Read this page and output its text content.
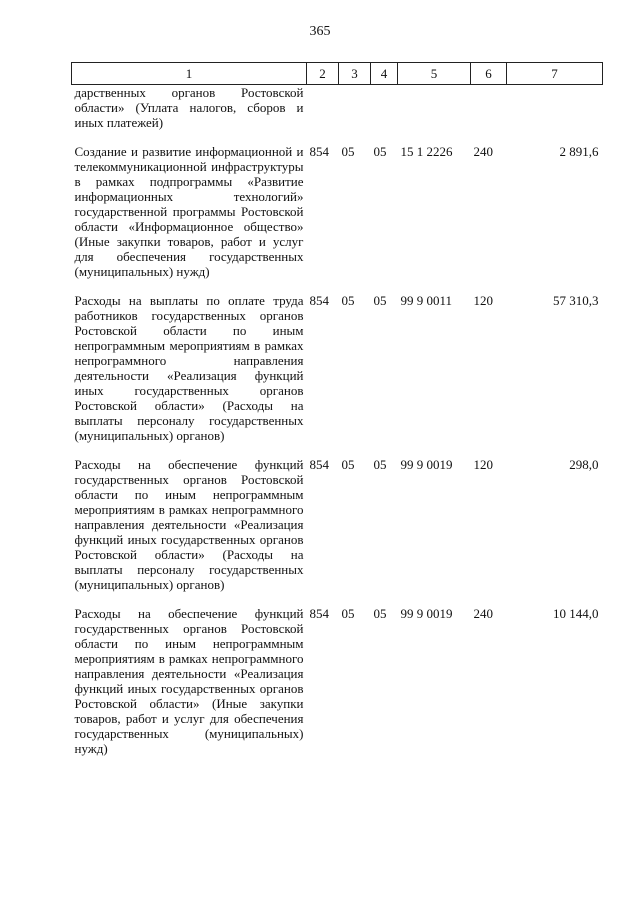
365
1	2	3	4	5	6	7
дарственных органов Ростовской области» (Уплата налогов, сборов и иных платежей)						
Создание и развитие информационной и телекоммуникационной инфраструктуры в рамках подпрограммы «Развитие информационных технологий» государственной программы Ростовской области «Информационное общество» (Иные закупки товаров, работ и услуг для обеспечения государственных (муниципальных) нужд)	854	05	05	15 1 2226	240	2 891,6
Расходы на выплаты по оплате труда работников государственных органов Ростовской области по иным непрограммным мероприятиям в рамках непрограммного направления деятельности «Реализация функций иных государственных органов Ростовской области» (Расходы на выплаты персоналу государственных (муниципальных) органов)	854	05	05	99 9 0011	120	57 310,3
Расходы на обеспечение функций государственных органов Ростовской области по иным непрограммным мероприятиям в рамках непрограммного направления деятельности «Реализация функций иных государственных органов Ростовской области» (Расходы на выплаты персоналу государственных (муниципальных) органов)	854	05	05	99 9 0019	120	298,0
Расходы на обеспечение функций государственных органов Ростовской области по иным непрограммным мероприятиям в рамках непрограммного направления деятельности «Реализация функций иных государственных органов Ростовской области» (Иные закупки товаров, работ и услуг для обеспечения государственных (муниципальных) нужд)	854	05	05	99 9 0019	240	10 144,0
